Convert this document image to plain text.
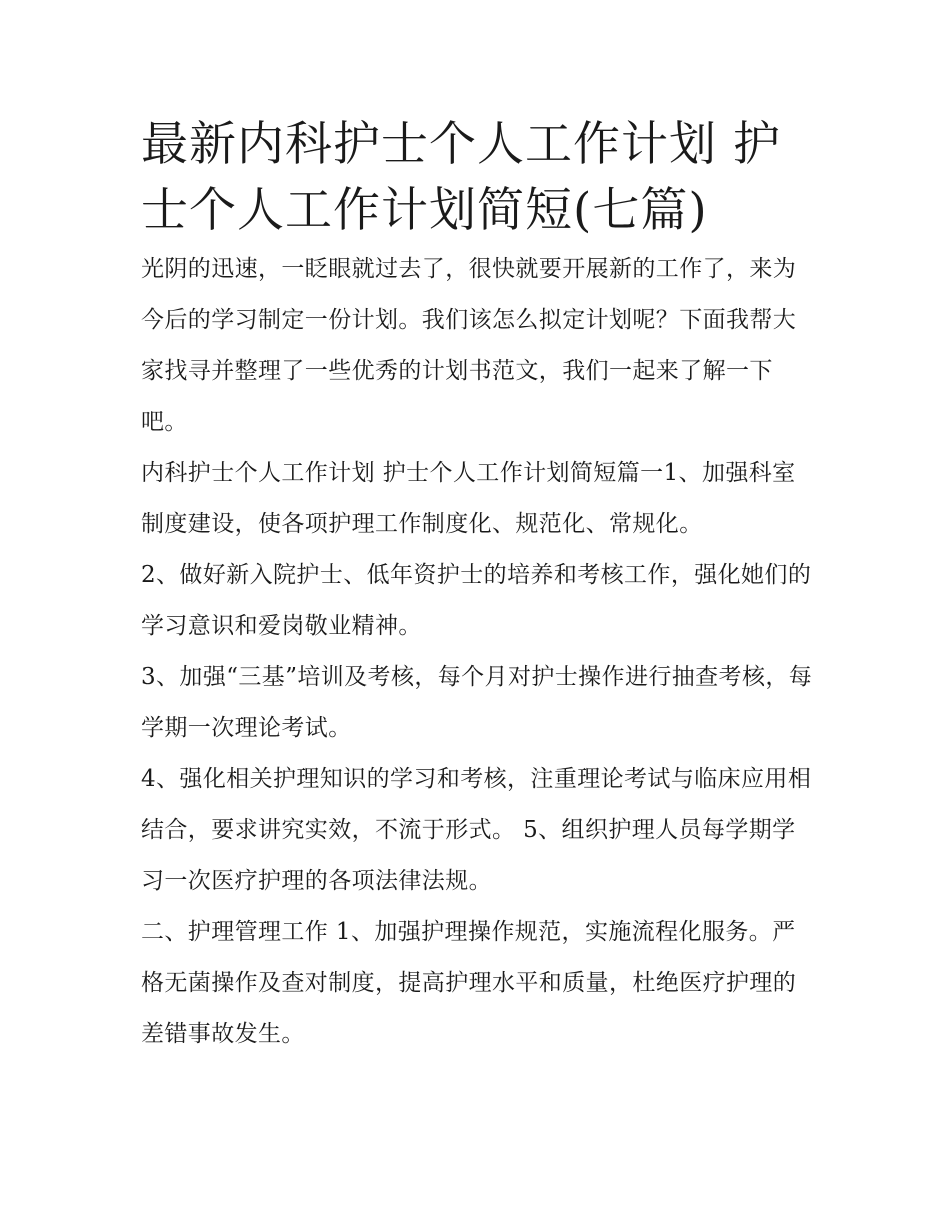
最新内科护士个人工作计划 护士个人工作计划简短(七篇)

光阴的迅速，一眨眼就过去了，很快就要开展新的工作了，来为今后的学习制定一份计划。我们该怎么拟定计划呢？下面我帮大家找寻并整理了一些优秀的计划书范文，我们一起来了解一下吧。

内科护士个人工作计划 护士个人工作计划简短篇一1、加强科室制度建设，使各项护理工作制度化、规范化、常规化。

2、做好新入院护士、低年资护士的培养和考核工作，强化她们的学习意识和爱岗敬业精神。

3、加强“三基”培训及考核，每个月对护士操作进行抽查考核，每学期一次理论考试。

4、强化相关护理知识的学习和考核，注重理论考试与临床应用相结合，要求讲究实效，不流于形式。 5、组织护理人员每学期学习一次医疗护理的各项法律法规。

二、护理管理工作 1、加强护理操作规范，实施流程化服务。严格无菌操作及查对制度，提高护理水平和质量，杜绝医疗护理的差错事故发生。
